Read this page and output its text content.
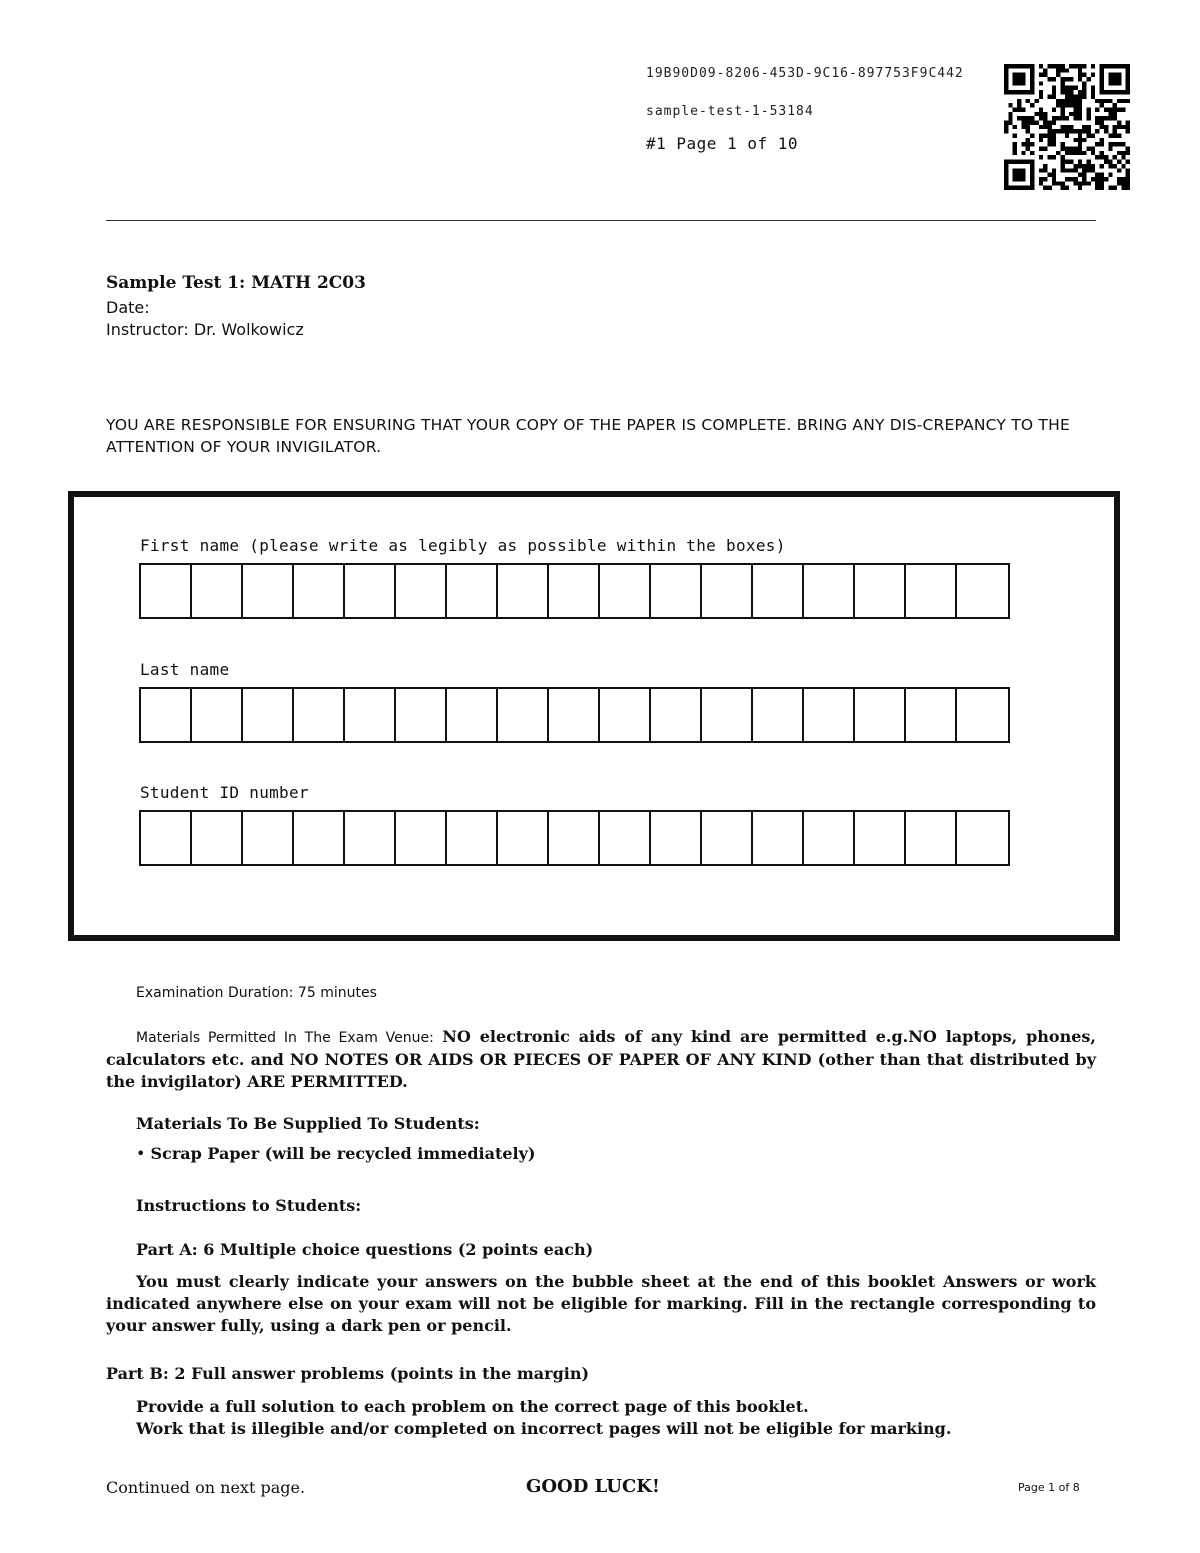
19B90D09-8206-453D-9C16-897753F9C442
sample-test-1-53184
#1 Page 1 of 10
Sample Test 1: MATH 2C03
Date:
Instructor: Dr. Wolkowicz
YOU ARE RESPONSIBLE FOR ENSURING THAT YOUR COPY OF THE PAPER IS COMPLETE. BRING ANY DIS-CREPANCY TO THE ATTENTION OF YOUR INVIGILATOR.
First name (please write as legibly as possible within the boxes)
Last name
Student ID number
Examination Duration: 75 minutes
Materials Permitted In The Exam Venue: NO electronic aids of any kind are permitted e.g.NO laptops, phones, calculators etc. and NO NOTES OR AIDS OR PIECES OF PAPER OF ANY KIND (other than that distributed by the invigilator) ARE PERMITTED.
Materials To Be Supplied To Students:
• Scrap Paper (will be recycled immediately)
Instructions to Students:
Part A: 6 Multiple choice questions (2 points each)
You must clearly indicate your answers on the bubble sheet at the end of this booklet Answers or work indicated anywhere else on your exam will not be eligible for marking. Fill in the rectangle corresponding to your answer fully, using a dark pen or pencil.
Part B: 2 Full answer problems (points in the margin)
Provide a full solution to each problem on the correct page of this booklet.
Work that is illegible and/or completed on incorrect pages will not be eligible for marking.
Continued on next page.	GOOD LUCK!	Page 1 of 8
